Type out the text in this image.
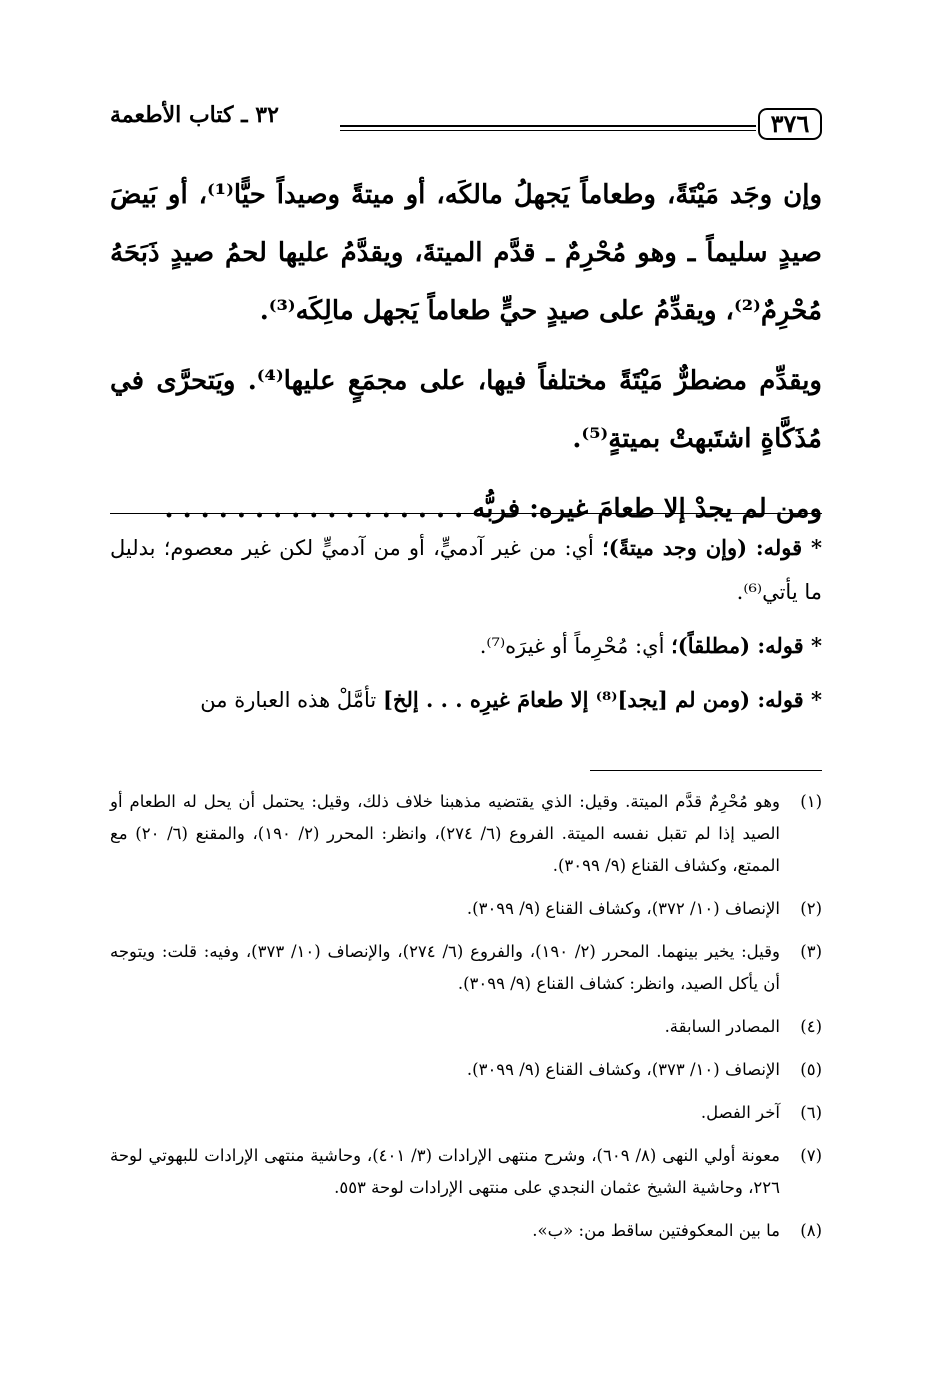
٣٧٦
٣٢ ـ كتاب الأطعمة

وإن وجَد مَيْتَةً، وطعاماً يَجهلُ مالكَه، أو ميتةً وصيداً حيًّا⁽¹⁾، أو بَيضَ صيدٍ سليماً ـ وهو مُحْرِمٌ ـ قدَّم الميتةَ، ويقدَّمُ عليها لحمُ صيدٍ ذَبَحَهُ مُحْرِمٌ⁽²⁾، ويقدِّمُ على صيدٍ حيٍّ طعاماً يَجهل مالِكَه⁽³⁾.

ويقدِّم مضطرٌّ مَيْتَةً مختلفاً فيها، على مجمَعٍ عليها⁽⁴⁾. ويَتحرَّى في مُذَكَّاةٍ اشتَبهتْ بميتةٍ⁽⁵⁾.

ومن لم يجدْ إلا طعامَ غيره: فربُّه . . . . . . . . . . . . . . . . .

* قوله: (وإن وجد ميتةً)؛ أي: من غير آدميٍّ، أو من آدميٍّ لكن غير معصوم؛ بدليل ما يأتي⁽⁶⁾.

* قوله: (مطلقاً)؛ أي: مُحْرِماً أو غيرَه⁽⁷⁾.

* قوله: (ومن لم [يجد]⁽⁸⁾ إلا طعامَ غيرِه . . . إلخ] تأمَّلْ هذه العبارة من

(١)
وهو مُحْرِمٌ قدَّم الميتة. وقيل: الذي يقتضيه مذهبنا خلاف ذلك، وقيل: يحتمل أن يحل له الطعام أو الصيد إذا لم تقبل نفسه الميتة. الفروع (٦/ ٢٧٤)، وانظر: المحرر (٢/ ١٩٠)، والمقنع (٦/ ٢٠) مع الممتع، وكشاف القناع (٩/ ٣٠٩٩).
(٢)
الإنصاف (١٠/ ٣٧٢)، وكشاف القناع (٩/ ٣٠٩٩).
(٣)
وقيل: يخير بينهما. المحرر (٢/ ١٩٠)، والفروع (٦/ ٢٧٤)، والإنصاف (١٠/ ٣٧٣)، وفيه: قلت: ويتوجه أن يأكل الصيد، وانظر: كشاف القناع (٩/ ٣٠٩٩).
(٤)
المصادر السابقة.
(٥)
الإنصاف (١٠/ ٣٧٣)، وكشاف القناع (٩/ ٣٠٩٩).
(٦)
آخر الفصل.
(٧)
معونة أولي النهى (٨/ ٦٠٩)، وشرح منتهى الإرادات (٣/ ٤٠١)، وحاشية منتهى الإرادات للبهوتي لوحة ٢٢٦، وحاشية الشيخ عثمان النجدي على منتهى الإرادات لوحة ٥٥٣.
(٨)
ما بين المعكوفتين ساقط من: «ب».
